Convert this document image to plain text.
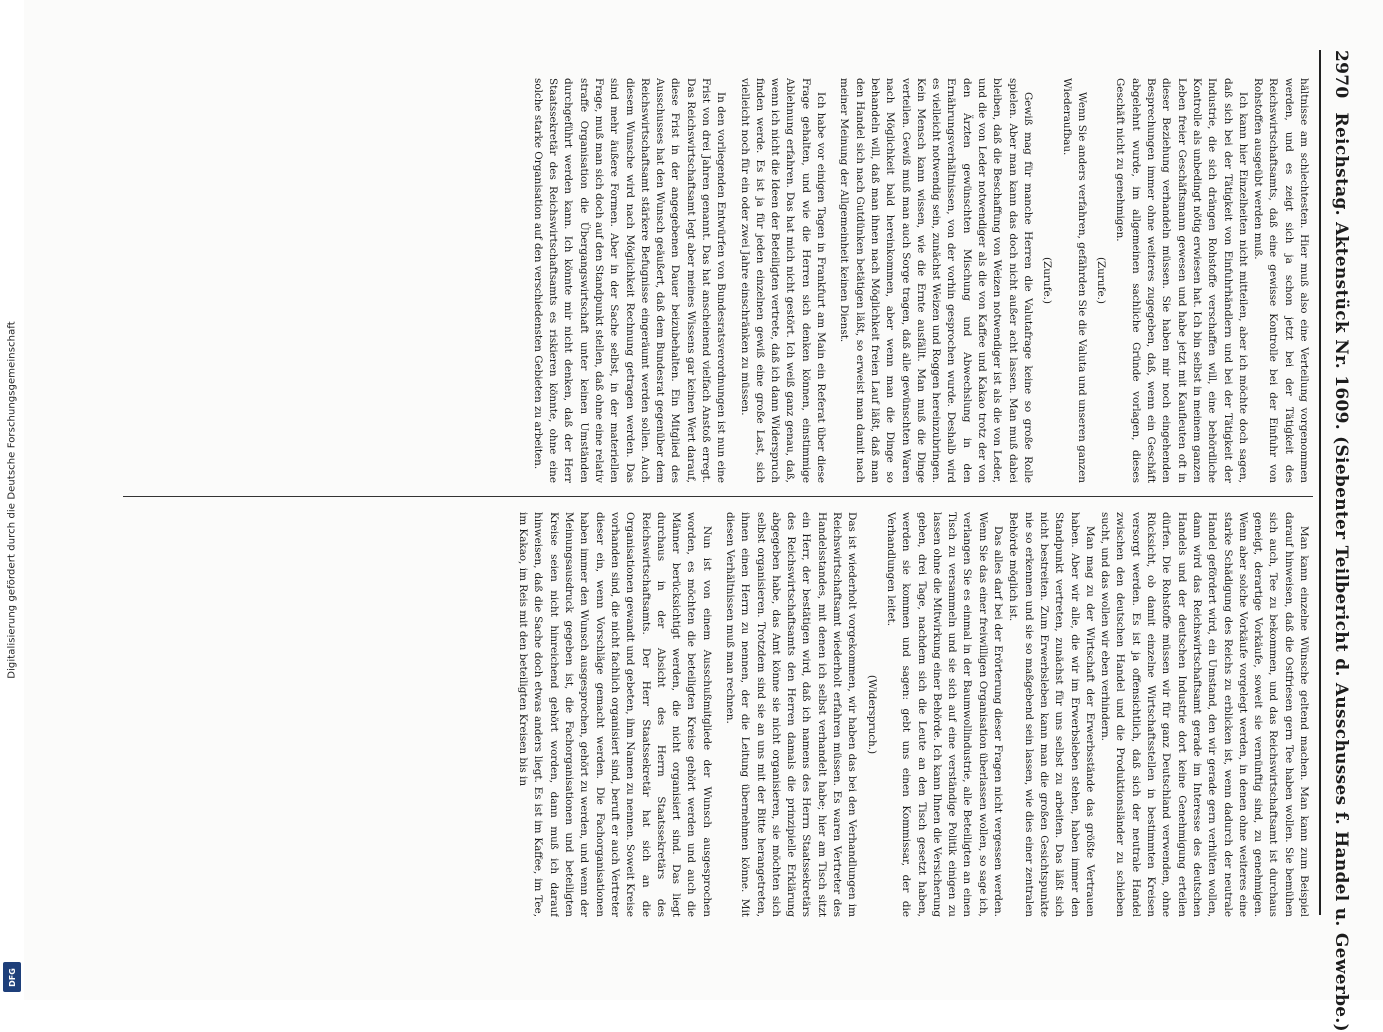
Digitalisierung gefördert durch die Deutsche Forschungsgemeinschaft
DFG
2970
Reichstag. Aktenstück Nr. 1609. (Siebenter Teilbericht d. Ausschusses f. Handel u. Gewerbe.)

hältnisse am schlechtesten. Hier muß also eine Verteilung vorgenommen werden, und es zeigt sich ja schon jetzt bei der Tätigkeit des Reichswirtschaftsamts, daß eine gewisse Kontrolle bei der Einfuhr von Rohstoffen ausgeübt werden muß.

Ich kann hier Einzelheiten nicht mitteilen, aber ich möchte doch sagen, daß sich bei der Tätigkeit von Einfuhrhändlern und bei der Tätigkeit der Industrie, die sich drängen Rohstoffe verschaffen will, eine behördliche Kontrolle als unbedingt nötig erwiesen hat. Ich bin selbst in meinem ganzen Leben freier Geschäftsmann gewesen und habe jetzt mit Kaufleuten oft in dieser Beziehung verhandeln müssen. Sie haben mir noch eingehenden Besprechungen immer ohne weiteres zugegeben, daß, wenn ein Geschäft abgelehnt wurde, im allgemeinen sachliche Gründe vorlagen, dieses Geschäft nicht zu genehmigen.

(Zurufe.)

Wenn Sie anders verfahren, gefährden Sie die Valuta und unseren ganzen Wiederaufbau.

(Zurufe.)

Gewiß mag für manche Herren die Valutafrage keine so große Rolle spielen. Aber man kann das doch nicht außer acht lassen. Man muß dabei bleiben, daß die Beschaffung von Weizen notwendiger ist als die von Leder, und die von Leder notwendiger als die von Kaffee und Kakao trotz der von den Ärzten gewünschten Mischung und Abwechslung in den Ernährungsverhältnissen, von der vorhin gesprochen wurde. Deshalb wird es vielleicht notwendig sein, zunächst Weizen und Roggen hereinzubringen. Kein Mensch kann wissen, wie die Ernte ausfällt. Man muß die Dinge verteilen. Gewiß muß man auch Sorge tragen, daß alle gewünschten Waren nach Möglichkeit bald hereinkommen, aber wenn man die Dinge so behandeln will, daß man ihnen nach Möglichkeit freien Lauf läßt, daß man den Handel sich nach Gutdünken betätigen läßt, so erweist man damit nach meiner Meinung der Allgemeinheit keinen Dienst.

Ich habe vor einigen Tagen in Frankfurt am Main ein Referat über diese Frage gehalten, und wie die Herren sich denken können, einstimmige Ablehnung erfahren. Das hat mich nicht gestört. Ich weiß ganz genau, daß, wenn ich nicht die Ideen der Beteiligten vertrete, daß ich dann Widerspruch finden werde. Es ist ja für jeden einzelnen gewiß eine große Last, sich vielleicht noch für ein oder zwei Jahre einschränken zu müssen.

In den vorliegenden Entwürfen von Bundesratsverordnungen ist nun eine Frist von drei Jahren genannt. Das hat anscheinend vielfach Anstoß erregt. Das Reichswirtschaftsamt legt aber meines Wissens gar keinen Wert darauf, diese Frist in der angegebenen Dauer beizubehalten. Ein Mitglied des Ausschusses hat den Wunsch geäußert, daß dem Bundesrat gegenüber dem Reichswirtschaftsamt stärkere Befugnisse eingeräumt werden sollen. Auch diesem Wunsche wird nach Möglichkeit Rechnung getragen werden. Das sind mehr äußere Formen. Aber in der Sache selbst, in der materiellen Frage, muß man sich doch auf den Standpunkt stellen, daß ohne eine relativ straffe Organisation die Übergangswirtschaft unter keinen Umständen durchgeführt werden kann. Ich könnte mir nicht denken, daß der Herr Staatssekretär des Reichswirtschaftsamts es riskieren könnte, ohne eine solche starke Organisation auf den verschiedensten Gebieten zu arbeiten.

Man kann einzelne Wünsche geltend machen. Man kann zum Beispiel darauf hinweisen, daß die Ostfriesen gern Tee haben wollen. Sie bemühen sich auch, Tee zu bekommen, und das Reichswirtschaftsamt ist durchaus geneigt, derartige Vorkäufe, soweit sie vernünftig sind, zu genehmigen. Wenn aber solche Vorkäufe vorgelegt werden, in denen ohne weiteres eine starke Schädigung des Reichs zu erblicken ist, wenn dadurch der neutrale Handel gefördert wird, ein Umstand, den wir gerade gern verhüten wollen, dann wird das Reichswirtschaftsamt gerade im Interesse des deutschen Handels und der deutschen Industrie dort keine Genehmigung erteilen dürfen. Die Rohstoffe müssen wir für ganz Deutschland verwenden, ohne Rücksicht, ob damit einzelne Wirtschaftsstellen in bestimmten Kreisen versorgt werden. Es ist ja offensichtlich, daß sich der neutrale Handel zwischen den deutschen Handel und die Produktionsländer zu schieben sucht, und das wollen wir eben verhindern.

Man mag zu der Wirtschaft der Erwerbsstände das größte Vertrauen haben. Aber wir alle, die wir im Erwerbsleben stehen, haben immer den Standpunkt vertreten, zunächst für uns selbst zu arbeiten. Das läßt sich nicht bestreiten. Zum Erwerbsleben kann man die großen Gesichtspunkte nie so erkennen und sie so maßgebend sein lassen, wie dies einer zentralen Behörde möglich ist.

Das alles darf bei der Erörterung dieser Fragen nicht vergessen werden. Wenn Sie das einer freiwilligen Organisation überlassen wollen, so sage ich, verlangen Sie es einmal in der Baumwollindustrie, alle Beteiligten an einen Tisch zu versammeln und sie sich auf eine verständige Politik einigen zu lassen ohne die Mitwirkung einer Behörde. Ich kann Ihnen die Versicherung geben, drei Tage, nachdem sich die Leute an den Tisch gesetzt haben, werden sie kommen und sagen: gebt uns einen Kommissar, der die Verhandlungen leitet.

(Widerspruch.)

Das ist wiederholt vorgekommen, wir haben das bei den Verhandlungen im Reichswirtschaftsamt wiederholt erfahren müssen. Es waren Vertreter des Handelsstandes, mit denen ich selbst verhandelt habe; hier am Tisch sitzt ein Herr, der bestätigen wird, daß ich namens des Herrn Staatssekretärs des Reichswirtschaftsamts den Herren damals die prinzipielle Erklärung abgegeben habe, das Amt könne sie nicht organisieren, sie möchten sich selbst organisieren. Trotzdem sind sie an uns mit der Bitte herangetreten, ihnen einen Herrn zu nennen, der die Leitung übernehmen könne. Mit diesen Verhältnissen muß man rechnen.

Nun ist von einem Ausschußmitgliede der Wunsch ausgesprochen worden, es möchten die beteiligten Kreise gehört werden und auch die Männer berücksichtigt werden, die nicht organisiert sind. Das liegt durchaus in der Absicht des Herrn Staatssekretärs des Reichswirtschaftsamts. Der Herr Staatssekretär hat sich an die Organisationen gewandt und gebeten, ihm Namen zu nennen. Soweit Kreise vorhanden sind, die nicht fachlich organisiert sind, beruft er auch Vertreter dieser ein, wenn Vorschläge gemacht werden. Die Fachorganisationen haben immer den Wunsch ausgesprochen, gehört zu werden, und wenn der Meinungsausdruck gegeben ist, die Fachorganisationen und beteiligten Kreise seien nicht hinreichend gehört worden, dann muß ich darauf hinweisen, daß die Sache doch etwas anders liegt. Es ist im Kaffee, im Tee, im Kakao, im Reis mit den beteiligten Kreisen bis in
